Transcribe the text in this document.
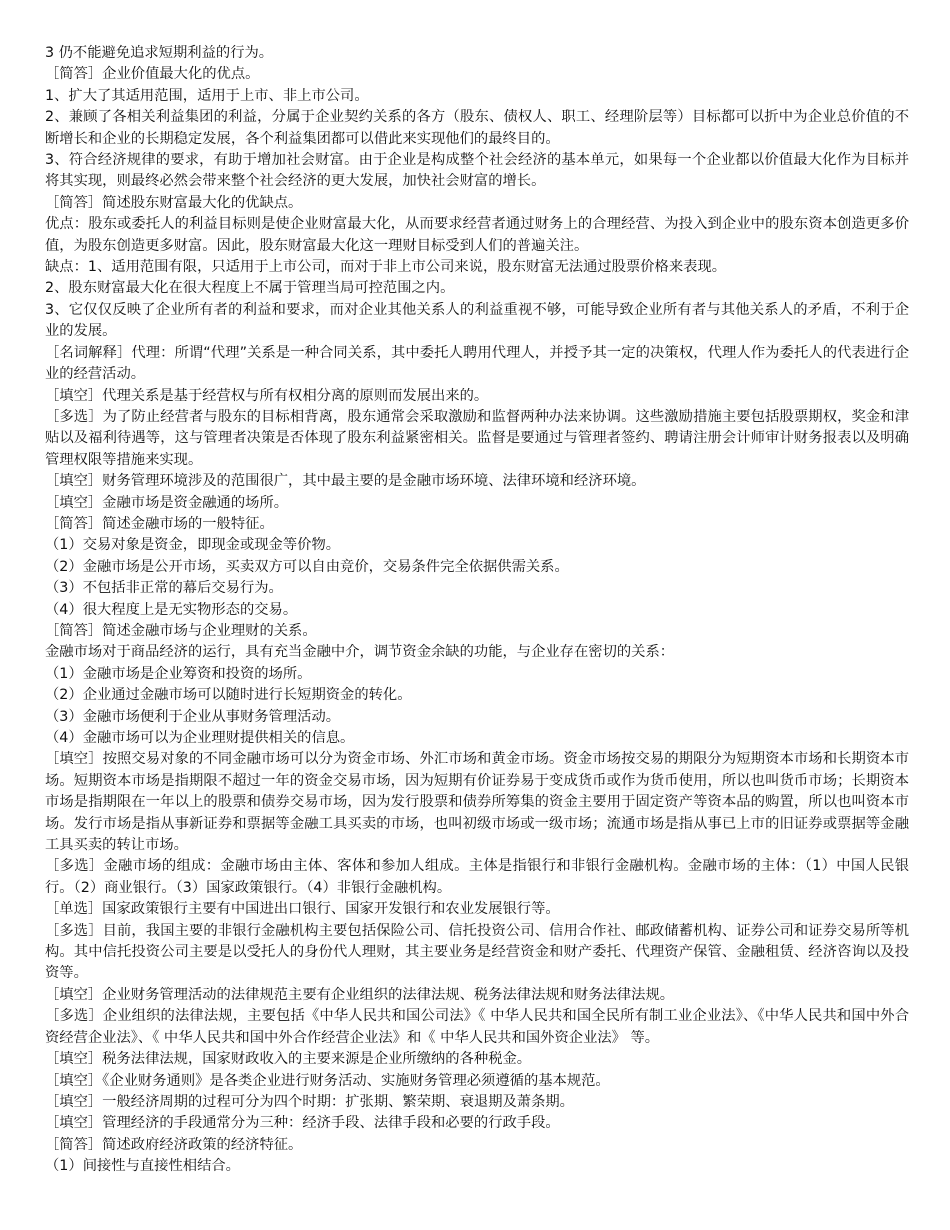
3 仍不能避免追求短期利益的行为。

［简答］企业价值最大化的优点。

1、扩大了其适用范围，适用于上市、非上市公司。

2、兼顾了各相关利益集团的利益，分属于企业契约关系的各方（股东、债权人、职工、经理阶层等）目标都可以折中为企业总价值的不断增长和企业的长期稳定发展，各个利益集团都可以借此来实现他们的最终目的。

3、符合经济规律的要求，有助于增加社会财富。由于企业是构成整个社会经济的基本单元，如果每一个企业都以价值最大化作为目标并将其实现，则最终必然会带来整个社会经济的更大发展，加快社会财富的增长。

［简答］简述股东财富最大化的优缺点。

优点：股东或委托人的利益目标则是使企业财富最大化，从而要求经营者通过财务上的合理经营、为投入到企业中的股东资本创造更多价值，为股东创造更多财富。因此，股东财富最大化这一理财目标受到人们的普遍关注。

缺点：1、适用范围有限，只适用于上市公司，而对于非上市公司来说，股东财富无法通过股票价格来表现。

2、股东财富最大化在很大程度上不属于管理当局可控范围之内。

3、它仅仅反映了企业所有者的利益和要求，而对企业其他关系人的利益重视不够，可能导致企业所有者与其他关系人的矛盾，不利于企业的发展。

［名词解释］代理：所谓“代理”关系是一种合同关系，其中委托人聘用代理人，并授予其一定的决策权，代理人作为委托人的代表进行企业的经营活动。

［填空］代理关系是基于经营权与所有权相分离的原则而发展出来的。

［多选］为了防止经营者与股东的目标相背离，股东通常会采取激励和监督两种办法来协调。这些激励措施主要包括股票期权，奖金和津贴以及福利待遇等，这与管理者决策是否体现了股东利益紧密相关。监督是要通过与管理者签约、聘请注册会计师审计财务报表以及明确管理权限等措施来实现。

［填空］财务管理环境涉及的范围很广，其中最主要的是金融市场环境、法律环境和经济环境。

［填空］金融市场是资金融通的场所。

［简答］简述金融市场的一般特征。

（1）交易对象是资金，即现金或现金等价物。

（2）金融市场是公开市场，买卖双方可以自由竞价，交易条件完全依据供需关系。

（3）不包括非正常的幕后交易行为。

（4）很大程度上是无实物形态的交易。

［简答］简述金融市场与企业理财的关系。

金融市场对于商品经济的运行，具有充当金融中介，调节资金余缺的功能，与企业存在密切的关系：

（1）金融市场是企业筹资和投资的场所。

（2）企业通过金融市场可以随时进行长短期资金的转化。

（3）金融市场便利于企业从事财务管理活动。

（4）金融市场可以为企业理财提供相关的信息。

［填空］按照交易对象的不同金融市场可以分为资金市场、外汇市场和黄金市场。资金市场按交易的期限分为短期资本市场和长期资本市场。短期资本市场是指期限不超过一年的资金交易市场，因为短期有价证券易于变成货币或作为货币使用，所以也叫货币市场；长期资本市场是指期限在一年以上的股票和债券交易市场，因为发行股票和债券所筹集的资金主要用于固定资产等资本品的购置，所以也叫资本市场。发行市场是指从事新证券和票据等金融工具买卖的市场，也叫初级市场或一级市场；流通市场是指从事已上市的旧证券或票据等金融工具买卖的转让市场。

［多选］金融市场的组成：金融市场由主体、客体和参加人组成。主体是指银行和非银行金融机构。金融市场的主体：（1）中国人民银行。（2）商业银行。（3）国家政策银行。（4）非银行金融机构。

［单选］国家政策银行主要有中国进出口银行、国家开发银行和农业发展银行等。

［多选］目前，我国主要的非银行金融机构主要包括保险公司、信托投资公司、信用合作社、邮政储蓄机构、证券公司和证券交易所等机构。其中信托投资公司主要是以受托人的身份代人理财，其主要业务是经营资金和财产委托、代理资产保管、金融租赁、经济咨询以及投资等。

［填空］企业财务管理活动的法律规范主要有企业组织的法律法规、税务法律法规和财务法律法规。

［多选］企业组织的法律法规，主要包括《中华人民共和国公司法》《 中华人民共和国全民所有制工业企业法》、《中华人民共和国中外合资经营企业法》、《 中华人民共和国中外合作经营企业法》和《 中华人民共和国外资企业法》 等。

［填空］税务法律法规，国家财政收入的主要来源是企业所缴纳的各种税金。

［填空］《企业财务通则》是各类企业进行财务活动、实施财务管理必须遵循的基本规范。

［填空］一般经济周期的过程可分为四个时期：扩张期、繁荣期、衰退期及萧条期。

［填空］管理经济的手段通常分为三种：经济手段、法律手段和必要的行政手段。

［简答］简述政府经济政策的经济特征。

（1）间接性与直接性相结合。
